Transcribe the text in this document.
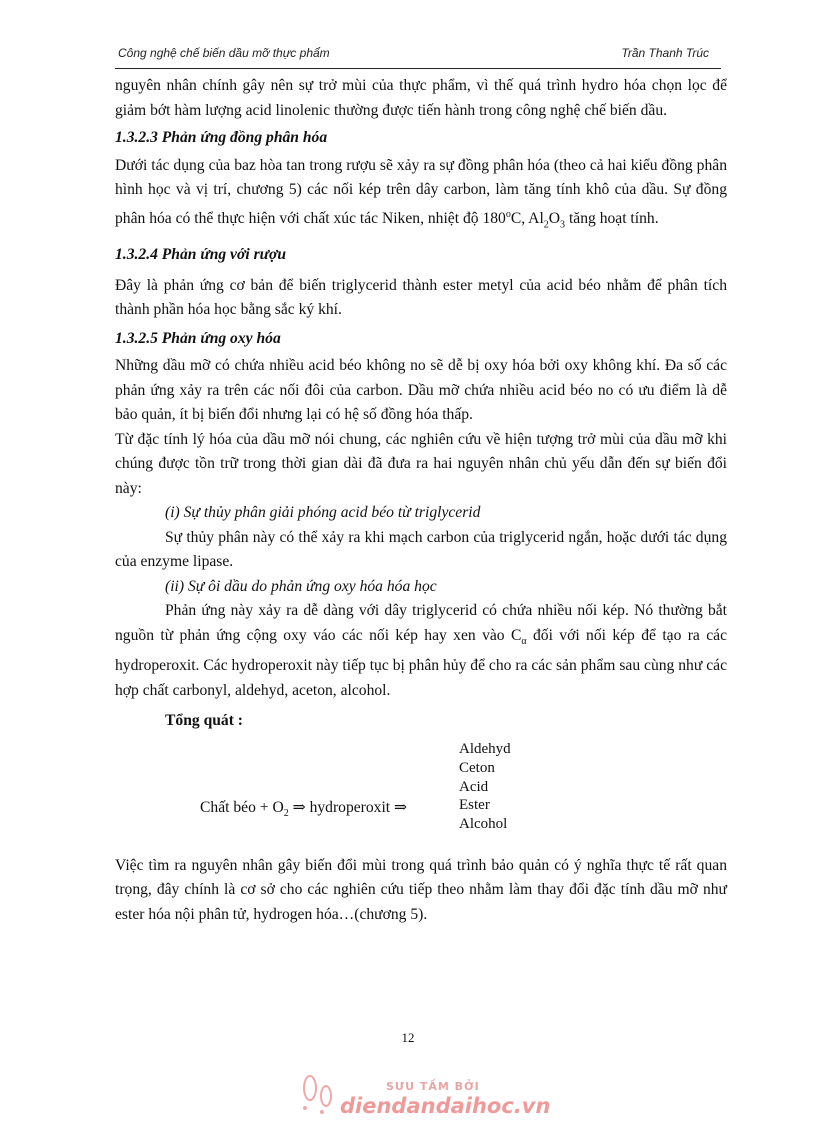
Công nghệ chế biến dầu mỡ thực phẩm	Trần Thanh Trúc

nguyên nhân chính gây nên sự trở mùi của thực phẩm, vì thế quá trình hydro hóa chọn lọc để giảm bớt hàm lượng acid linolenic thường được tiến hành trong công nghệ chế biến dầu.

1.3.2.3 Phản ứng đồng phân hóa

Dưới tác dụng của baz hòa tan trong rượu sẽ xảy ra sự đồng phân hóa (theo cả hai kiểu đồng phân hình học và vị trí, chương 5) các nối kép trên dây carbon, làm tăng tính khô của dầu. Sự đồng phân hóa có thể thực hiện với chất xúc tác Niken, nhiệt độ 180$^o$C, $Al_2O_3$ tăng hoạt tính.

1.3.2.4 Phản ứng với rượu

Đây là phản ứng cơ bản để biến triglycerid thành ester metyl của acid béo nhằm để phân tích thành phần hóa học bằng sắc ký khí.

1.3.2.5 Phản ứng oxy hóa

Những dầu mỡ có chứa nhiều acid béo không no sẽ dễ bị oxy hóa bởi oxy không khí. Đa số các phản ứng xảy ra trên các nối đôi của carbon. Dầu mỡ chứa nhiều acid béo no có ưu điểm là dễ bảo quản, ít bị biến đổi nhưng lại có hệ số đồng hóa thấp.

Từ đặc tính lý hóa của dầu mỡ nói chung, các nghiên cứu về hiện tượng trở mùi của dầu mỡ khi chúng được tồn trữ trong thời gian dài đã đưa ra hai nguyên nhân chủ yếu dẫn đến sự biến đổi này:

(i) Sự thủy phân giải phóng acid béo từ triglycerid

Sự thủy phân này có thể xảy ra khi mạch carbon của triglycerid ngắn, hoặc dưới tác dụng của enzyme lipase.

(ii) Sự ôi dầu do phản ứng oxy hóa hóa học

Phản ứng này xảy ra dễ dàng với dây triglycerid có chứa nhiều nối kép. Nó thường bắt nguồn từ phản ứng cộng oxy váo các nối kép hay xen vào $C_\alpha$ đối với nối kép để tạo ra các hydroperoxit. Các hydroperoxit này tiếp tục bị phân hủy để cho ra các sản phẩm sau cùng như các hợp chất carbonyl, aldehyd, aceton, alcohol.

Tổng quát :

Chất béo + $O_2$ ⇒ hydroperoxit ⇒
Aldehyd
Ceton
Acid
Ester
Alcohol

Việc tìm ra nguyên nhân gây biến đổi mùi trong quá trình bảo quản có ý nghĩa thực tế rất quan trọng, đây chính là cơ sở cho các nghiên cứu tiếp theo nhằm làm thay đổi đặc tính dầu mỡ như ester hóa nội phân tử, hydrogen hóa…(chương 5).

12
SƯU TẦM BỞI
diendandaihoc.vn
